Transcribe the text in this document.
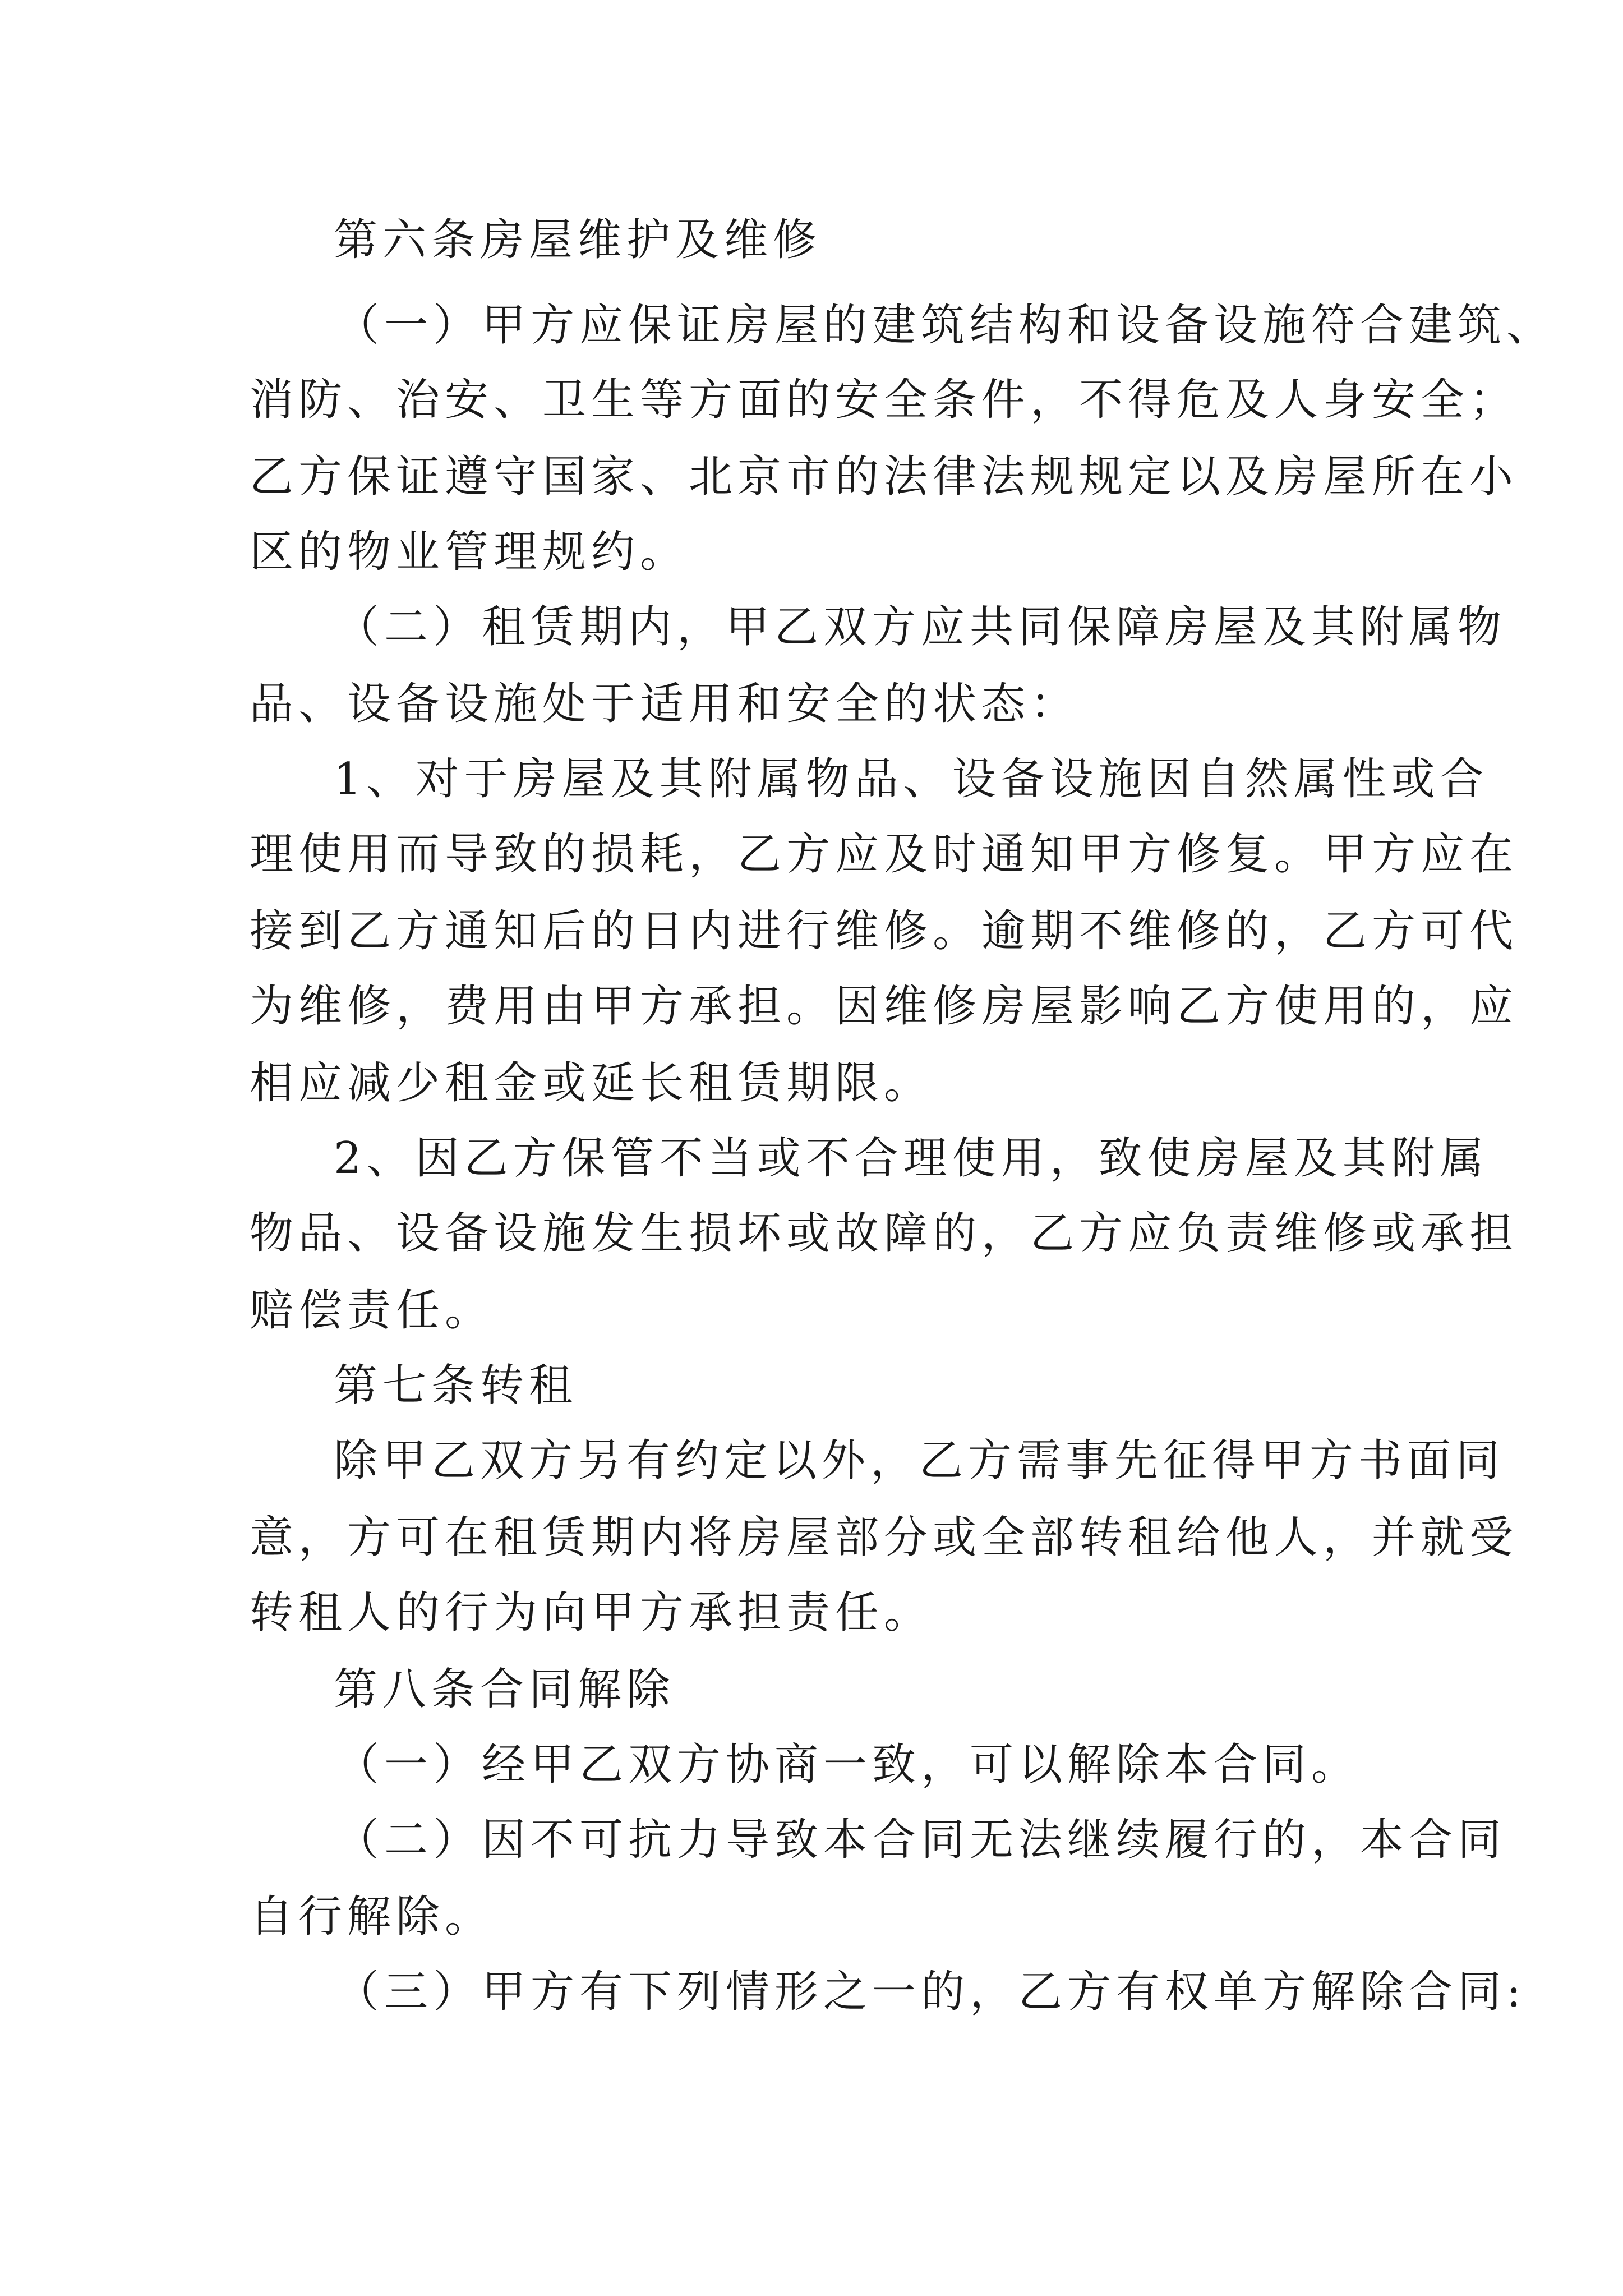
第六条房屋维护及维修

（一）甲方应保证房屋的建筑结构和设备设施符合建筑、

消防、治安、卫生等方面的安全条件，不得危及人身安全；

乙方保证遵守国家、北京市的法律法规规定以及房屋所在小

区的物业管理规约。

（二）租赁期内，甲乙双方应共同保障房屋及其附属物

品、设备设施处于适用和安全的状态：

1、对于房屋及其附属物品、设备设施因自然属性或合

理使用而导致的损耗，乙方应及时通知甲方修复。甲方应在

接到乙方通知后的日内进行维修。逾期不维修的，乙方可代

为维修，费用由甲方承担。因维修房屋影响乙方使用的，应

相应减少租金或延长租赁期限。

2、因乙方保管不当或不合理使用，致使房屋及其附属

物品、设备设施发生损坏或故障的，乙方应负责维修或承担

赔偿责任。

第七条转租

除甲乙双方另有约定以外，乙方需事先征得甲方书面同

意，方可在租赁期内将房屋部分或全部转租给他人，并就受

转租人的行为向甲方承担责任。

第八条合同解除

（一）经甲乙双方协商一致，可以解除本合同。

（二）因不可抗力导致本合同无法继续履行的，本合同

自行解除。

（三）甲方有下列情形之一的，乙方有权单方解除合同:
